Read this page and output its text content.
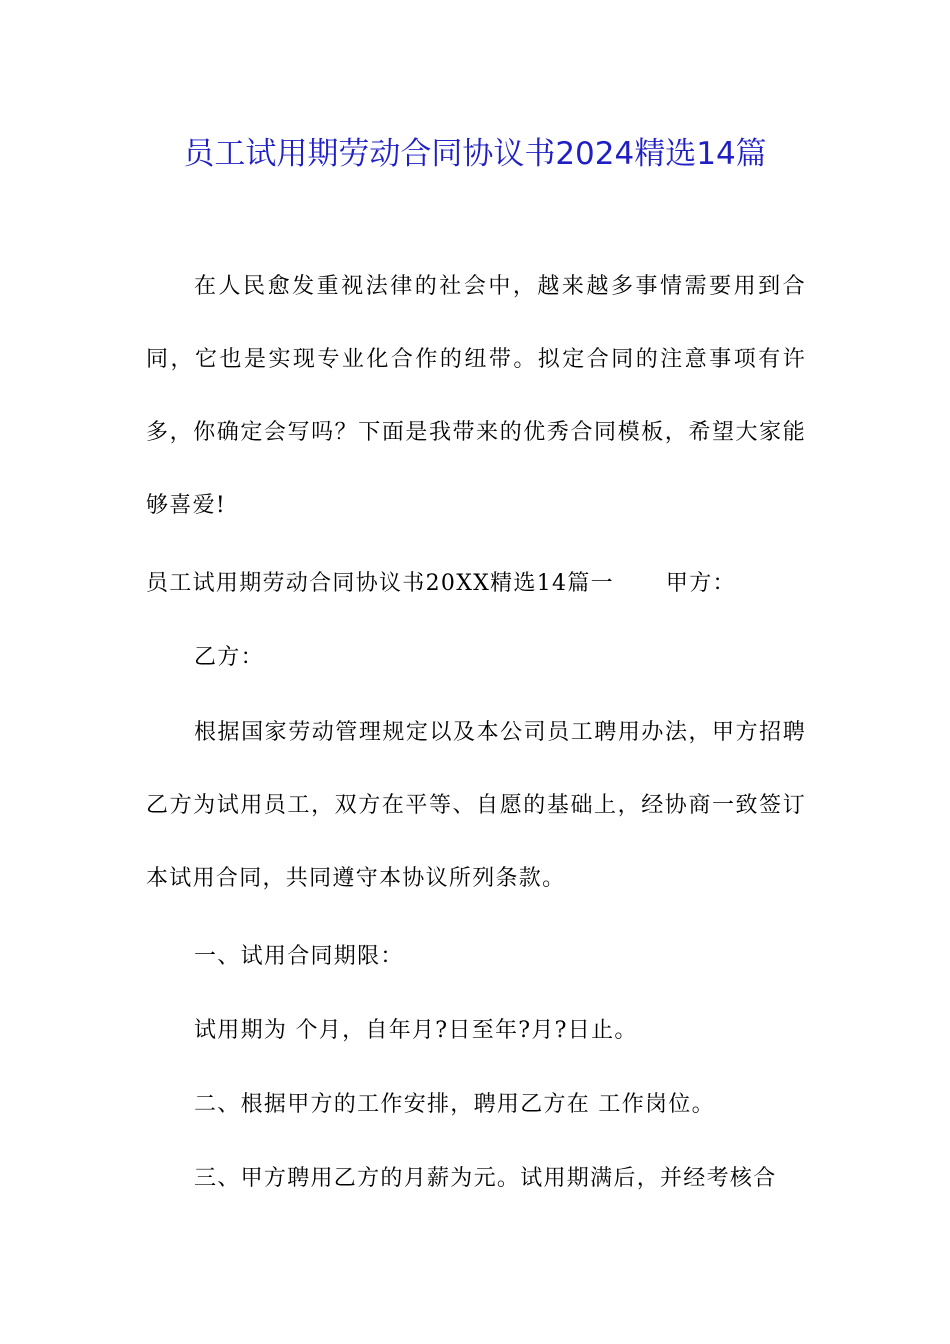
员工试用期劳动合同协议书2024精选14篇
在人民愈发重视法律的社会中，越来越多事情需要用到合同，它也是实现专业化合作的纽带。拟定合同的注意事项有许多，你确定会写吗？下面是我带来的优秀合同模板，希望大家能够喜爱!
员工试用期劳动合同协议书20XX精选14篇一 甲方：
乙方：
根据国家劳动管理规定以及本公司员工聘用办法，甲方招聘乙方为试用员工，双方在平等、自愿的基础上，经协商一致签订本试用合同，共同遵守本协议所列条款。
一、试用合同期限：
试用期为 个月，自年月?日至年?月?日止。
二、根据甲方的工作安排，聘用乙方在 工作岗位。
三、甲方聘用乙方的月薪为元。试用期满后，并经考核合
